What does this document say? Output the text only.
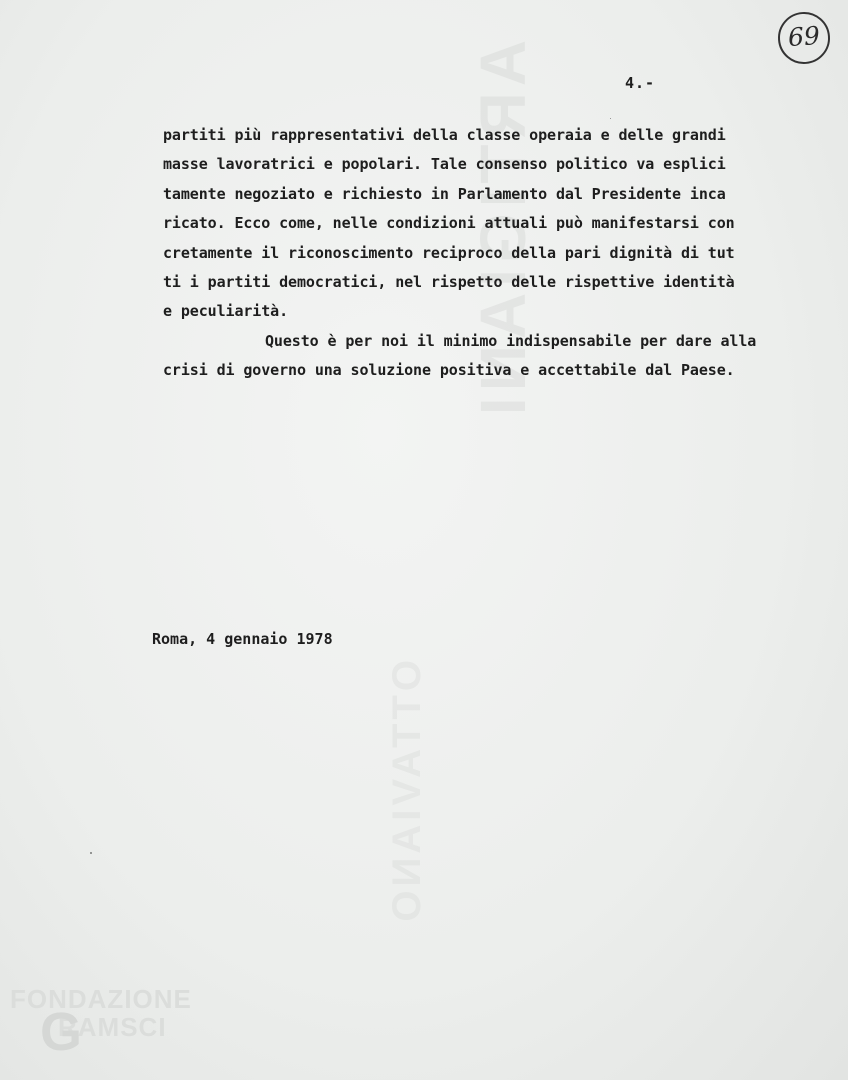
ARTIGIANI
OTTAVIANO
69
4.-
partiti più rappresentativi della classe operaia e delle grandi
masse lavoratrici e popolari. Tale consenso politico va esplici
tamente negoziato e richiesto in Parlamento dal Presidente inca
ricato. Ecco come, nelle condizioni attuali può manifestarsi con
cretamente il riconoscimento reciproco della pari dignità di tut
ti i partiti democratici, nel rispetto delle rispettive identità
e peculiarità.
Questo è per noi il minimo indispensabile per dare alla
crisi di governo una soluzione positiva e accettabile dal Paese.
Roma, 4 gennaio 1978
FONDAZIONE
G
RAMSCI
